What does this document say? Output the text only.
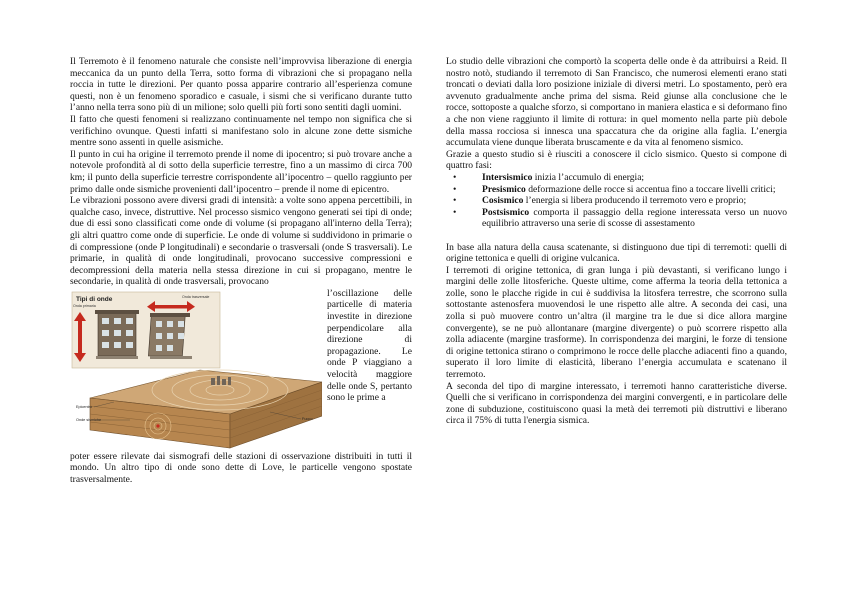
Il Terremoto è il fenomeno naturale che consiste nell’improvvisa liberazione di energia meccanica da un punto della Terra, sotto forma di vibrazioni che si propagano nella roccia in tutte le direzioni. Per quanto possa apparire contrario all’esperienza comune questi, non è un fenomeno sporadico e casuale, i sismi che si verificano durante tutto l’anno nella terra sono più di un milione; solo quelli più forti sono sentiti dagli uomini.

Il fatto che questi fenomeni si realizzano continuamente nel tempo non significa che si verifichino ovunque. Questi infatti si manifestano solo in alcune zone dette sismiche mentre sono assenti in quelle asismiche.

Il punto in cui ha origine il terremoto prende il nome di ipocentro; si può trovare anche a notevole profondità al di sotto della superficie terrestre, fino a un massimo di circa 700 km; il punto della superficie terrestre corrispondente all’ipocentro – quello raggiunto per primo dalle onde sismiche provenienti dall’ipocentro – prende il nome di epicentro.

Le vibrazioni possono avere diversi gradi di intensità: a volte sono appena percettibili, in qualche caso, invece, distruttive. Nel processo sismico vengono generati sei tipi di onde; due di essi sono classificati come onde di volume (si propagano all'interno della Terra); gli altri quattro come onde di superficie. Le onde di volume si suddividono in primarie o di compressione (onde P longitudinali) e secondarie o trasversali (onde S trasversali). Le primarie, in qualità di onde longitudinali, provocano successive compressioni e decompressioni della materia nella stessa direzione in cui si propagano, mentre le secondarie, in qualità di onde trasversali, provocano

Tipi di onde
Onda primaria
Onda trasversale
Epicentro
Onde sismiche	Fuoco

l’oscillazione delle particelle di materia investite in direzione perpendicolare alla direzione di propagazione. Le onde P viaggiano a velocità maggiore delle onde S, pertanto sono le prime a

poter essere rilevate dai sismografi delle stazioni di osservazione distribuiti in tutti il mondo. Un altro tipo di onde sono dette di Love, le particelle vengono spostate trasversalmente.

Lo studio delle vibrazioni che comportò la scoperta delle onde è da attribuirsi a Reid. Il nostro notò, studiando il terremoto di San Francisco, che numerosi elementi erano stati troncati o deviati dalla loro posizione iniziale di diversi metri. Lo spostamento, però era avvenuto gradualmente anche prima del sisma. Reid giunse alla conclusione che le rocce, sottoposte a qualche sforzo, si comportano in maniera elastica e si deformano fino a che non viene raggiunto il limite di rottura: in quel momento nella parte più debole della massa rocciosa si innesca una spaccatura che da origine alla faglia. L’energia accumulata viene dunque liberata bruscamente e da vita al fenomeno sismico.

Grazie a questo studio si è riusciti a conoscere il ciclo sismico. Questo si compone di quattro fasi:

•	Intersismico inizia l’accumulo di energia;
•	Presismico deformazione delle rocce si accentua fino a toccare livelli critici;
•	Cosismico l’energia si libera producendo il terremoto vero e proprio;
•	Postsismico comporta il passaggio della regione interessata verso un nuovo equilibrio attraverso una serie di scosse di assestamento

In base alla natura della causa scatenante, si distinguono due tipi di terremoti: quelli di origine tettonica e quelli di origine vulcanica.

I terremoti di origine tettonica, di gran lunga i più devastanti, si verificano lungo i margini delle zolle litosferiche. Queste ultime, come afferma la teoria della tettonica a zolle, sono le placche rigide in cui è suddivisa la litosfera terrestre, che scorrono sulla sottostante astenosfera muovendosi le une rispetto alle altre. A seconda dei casi, una zolla si può muovere contro un’altra (il margine tra le due si dice allora margine convergente), se ne può allontanare (margine divergente) o può scorrere rispetto alla zolla adiacente (margine trasforme). In corrispondenza dei margini, le forze di tensione di origine tettonica stirano o comprimono le rocce delle placche adiacenti fino a quando, superato il loro limite di elasticità, liberano l’energia accumulata e scatenano il terremoto.

A seconda del tipo di margine interessato, i terremoti hanno caratteristiche diverse. Quelli che si verificano in corrispondenza dei margini convergenti, e in particolare delle zone di subduzione, costituiscono quasi la metà dei terremoti più distruttivi e liberano circa il 75% di tutta l'energia sismica.
